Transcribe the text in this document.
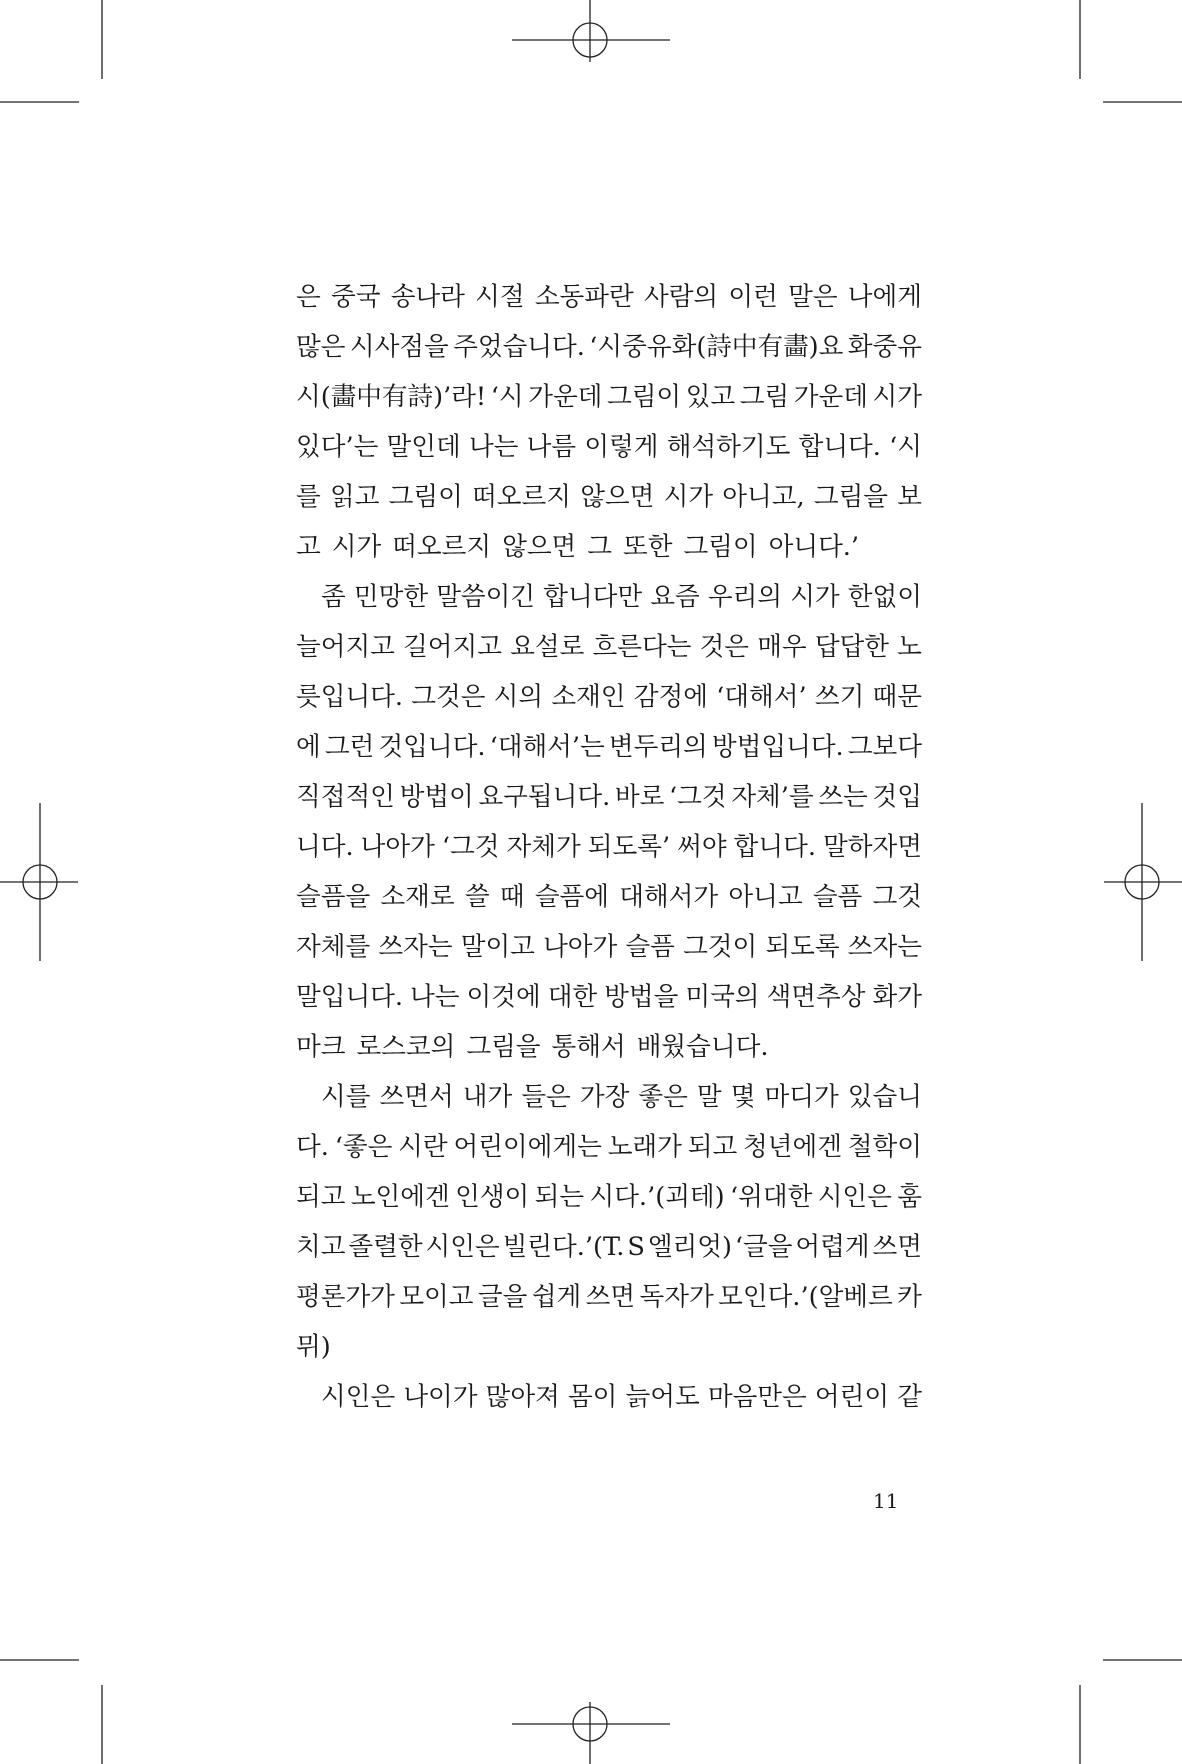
은 중국 송나라 시절 소동파란 사람의 이런 말은 나에게
많은 시사점을 주었습니다. ‘시중유화(詩中有畵)요 화중유
시(畵中有詩)’라! ‘시 가운데 그림이 있고 그림 가운데 시가
있다’는 말인데 나는 나름 이렇게 해석하기도 합니다. ‘시
를 읽고 그림이 떠오르지 않으면 시가 아니고, 그림을 보
고 시가 떠오르지 않으면 그 또한 그림이 아니다.’
좀 민망한 말씀이긴 합니다만 요즘 우리의 시가 한없이
늘어지고 길어지고 요설로 흐른다는 것은 매우 답답한 노
릇입니다. 그것은 시의 소재인 감정에 ‘대해서’ 쓰기 때문
에 그런 것입니다. ‘대해서’는 변두리의 방법입니다. 그보다
직접적인 방법이 요구됩니다. 바로 ‘그것 자체’를 쓰는 것입
니다. 나아가 ‘그것 자체가 되도록’ 써야 합니다. 말하자면
슬픔을 소재로 쓸 때 슬픔에 대해서가 아니고 슬픔 그것
자체를 쓰자는 말이고 나아가 슬픔 그것이 되도록 쓰자는
말입니다. 나는 이것에 대한 방법을 미국의 색면추상 화가
마크 로스코의 그림을 통해서 배웠습니다.
시를 쓰면서 내가 들은 가장 좋은 말 몇 마디가 있습니
다. ‘좋은 시란 어린이에게는 노래가 되고 청년에겐 철학이
되고 노인에겐 인생이 되는 시다.’(괴테) ‘위대한 시인은 훔
치고 졸렬한 시인은 빌린다.’(T. S 엘리엇) ‘글을 어렵게 쓰면
평론가가 모이고 글을 쉽게 쓰면 독자가 모인다.’(알베르 카
뮈)
시인은 나이가 많아져 몸이 늙어도 마음만은 어린이 같
11
